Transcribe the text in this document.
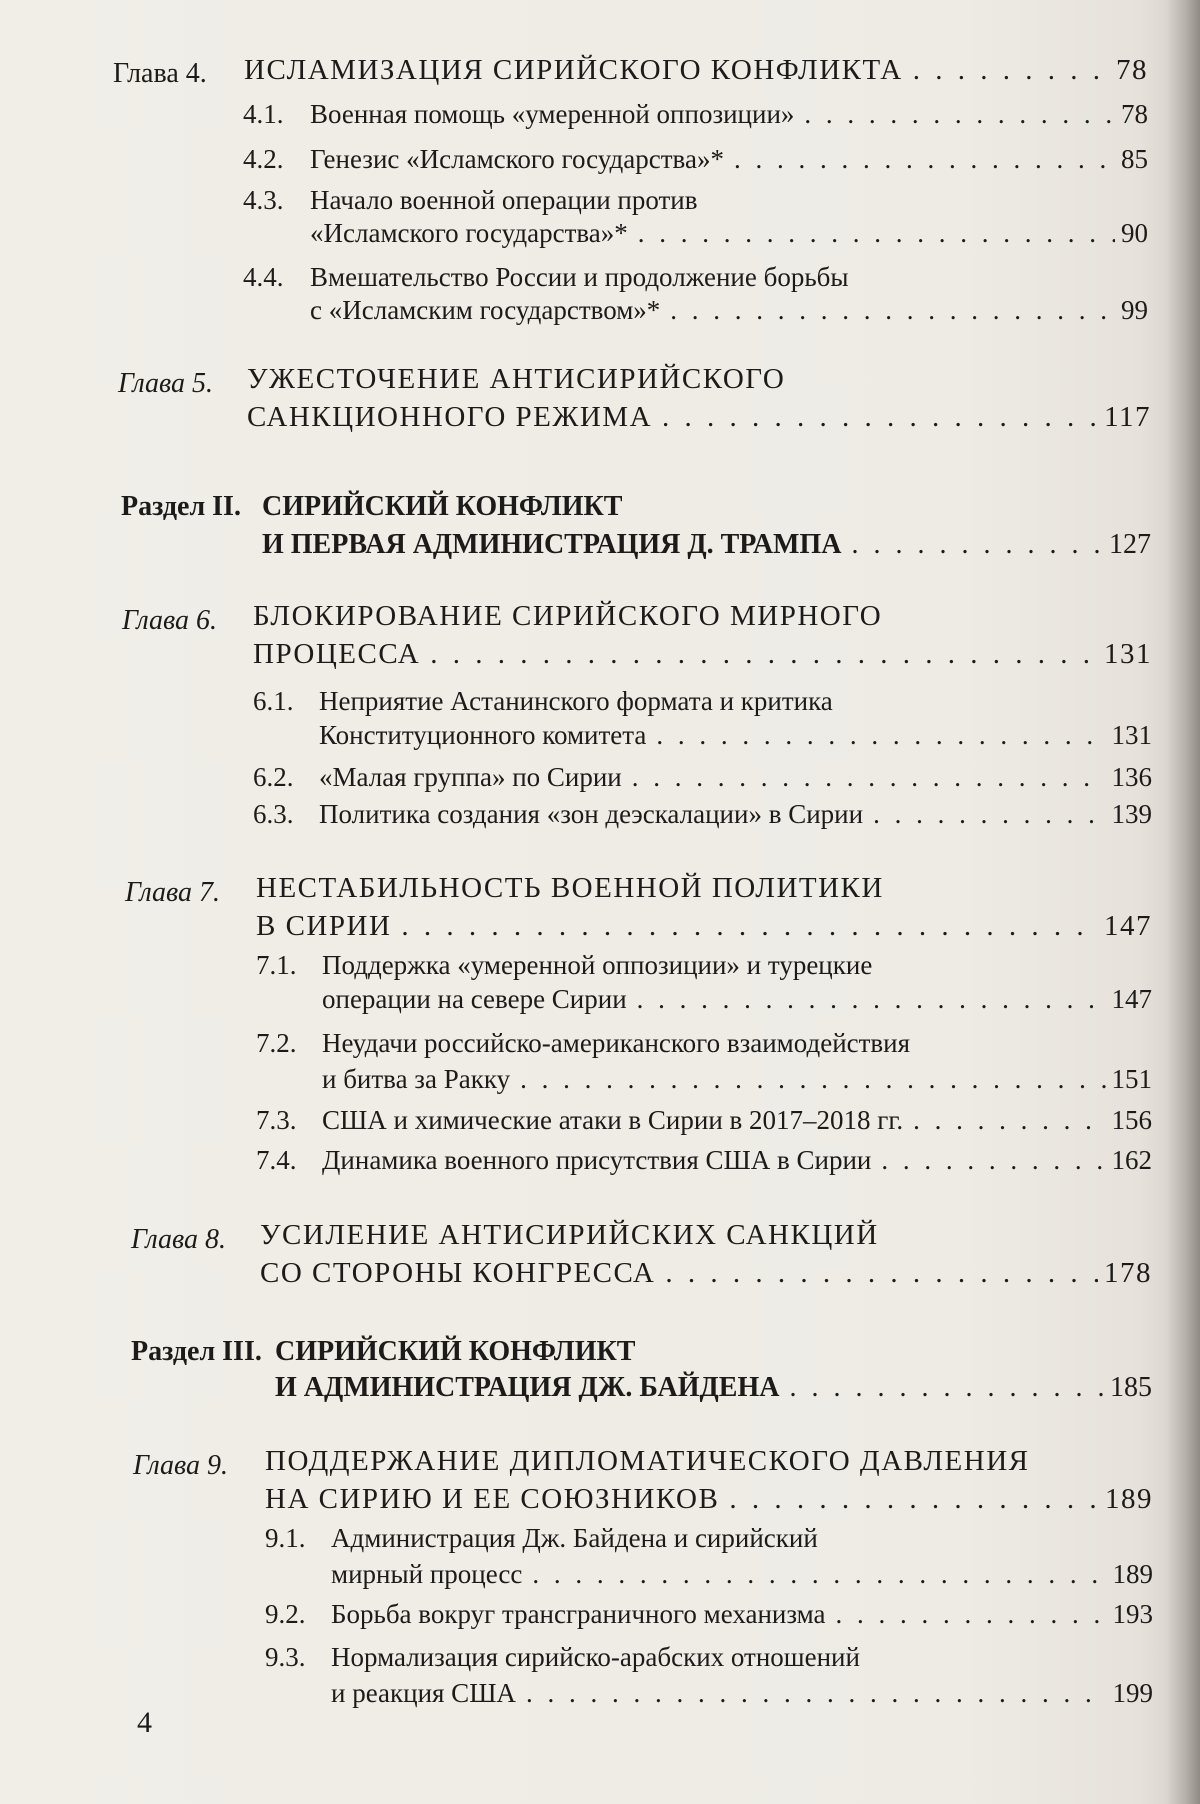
Глава 4. ИСЛАМИЗАЦИЯ СИРИЙСКОГО КОНФЛИКТА . . .	78
4.1. Военная помощь «умеренной оппозиции» . . .	78
4.2. Генезис «Исламского государства»* . . .	85
4.3. Начало военной операции против
«Исламского государства»* . . .	90
4.4. Вмешательство России и продолжение борьбы
с «Исламским государством»* . . .	99
Глава 5. УЖЕСТОЧЕНИЕ АНТИСИРИЙСКОГО
САНКЦИОННОГО РЕЖИМА . . .	117
Раздел II. СИРИЙСКИЙ КОНФЛИКТ
И ПЕРВАЯ АДМИНИСТРАЦИЯ Д. ТРАМПА . . .	127
Глава 6. БЛОКИРОВАНИЕ СИРИЙСКОГО МИРНОГО
ПРОЦЕССА . . .	131
6.1. Неприятие Астанинского формата и критика
Конституционного комитета . . .	131
6.2. «Малая группа» по Сирии . . .	136
6.3. Политика создания «зон деэскалации» в Сирии . . .	139
Глава 7. НЕСТАБИЛЬНОСТЬ ВОЕННОЙ ПОЛИТИКИ
В СИРИИ . . .	147
7.1. Поддержка «умеренной оппозиции» и турецкие
операции на севере Сирии . . .	147
7.2. Неудачи российско-американского взаимодействия
и битва за Ракку . . .	151
7.3. США и химические атаки в Сирии в 2017–2018 гг. . . .	156
7.4. Динамика военного присутствия США в Сирии . . .	162
Глава 8. УСИЛЕНИЕ АНТИСИРИЙСКИХ САНКЦИЙ
СО СТОРОНЫ КОНГРЕССА . . .	178
Раздел III. СИРИЙСКИЙ КОНФЛИКТ
И АДМИНИСТРАЦИЯ ДЖ. БАЙДЕНА . . .	185
Глава 9. ПОДДЕРЖАНИЕ ДИПЛОМАТИЧЕСКОГО ДАВЛЕНИЯ
НА СИРИЮ И ЕЕ СОЮЗНИКОВ . . .	189
9.1. Администрация Дж. Байдена и сирийский
мирный процесс . . .	189
9.2. Борьба вокруг трансграничного механизма . . .	193
9.3. Нормализация сирийско-арабских отношений
и реакция США . . .	199
4
